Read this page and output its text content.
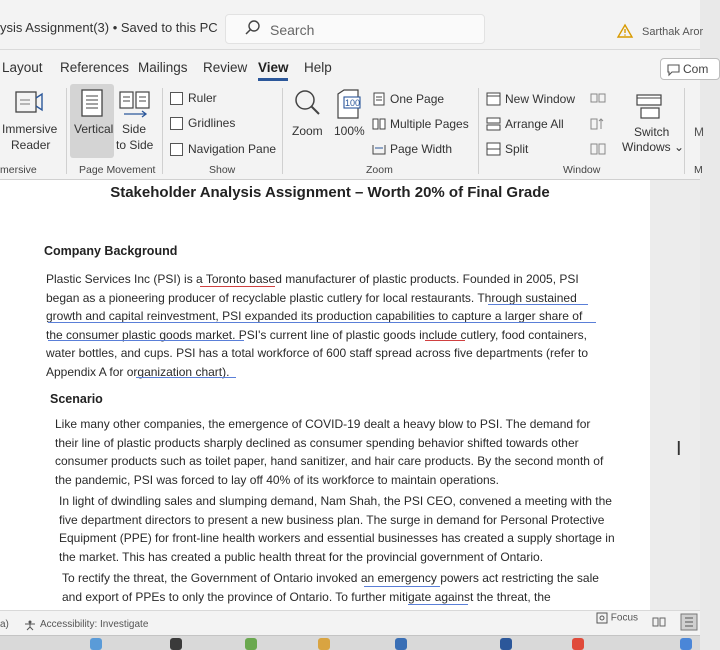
ysis Assignment(3) • Saved to this PC	Search	Sarthak Aror
Layout References Mailings Review View Help	Com
Immersive
Reader
Vertical Side
to Side
Ruler
Gridlines
Navigation Pane
Zoom
100
100%
One Page
Multiple Pages
Page Width
New Window
Arrange All
Split
Switch
Windows ⌄
M
mersive	Page Movement	Show	Zoom	Window	M
Stakeholder Analysis Assignment – Worth 20% of Final Grade
Company Background
Plastic Services Inc (PSI) is a Toronto based manufacturer of plastic products. Founded in 2005, PSI
began as a pioneering producer of recyclable plastic cutlery for local restaurants. Through sustained
growth and capital reinvestment, PSI expanded its production capabilities to capture a larger share of
the consumer plastic goods market. PSI's current line of plastic goods include cutlery, food containers,
water bottles, and cups. PSI has a total workforce of 600 staff spread across five departments (refer to
Appendix A for organization chart).
Scenario
Like many other companies, the emergence of COVID-19 dealt a heavy blow to PSI. The demand for
their line of plastic products sharply declined as consumer spending behavior shifted towards other
consumer products such as toilet paper, hand sanitizer, and hair care products. By the second month of
the pandemic, PSI was forced to lay off 40% of its workforce to maintain operations.
In light of dwindling sales and slumping demand, Nam Shah, the PSI CEO, convened a meeting with the
five department directors to present a new business plan. The surge in demand for Personal Protective
Equipment (PPE) for front-line health workers and essential businesses has created a supply shortage in
the market. This has created a public health threat for the provincial government of Ontario.
To rectify the threat, the Government of Ontario invoked an emergency powers act restricting the sale
and export of PPEs to only the province of Ontario. To further mitigate against the threat, the
I
a)	Accessibility: Investigate
Focus
